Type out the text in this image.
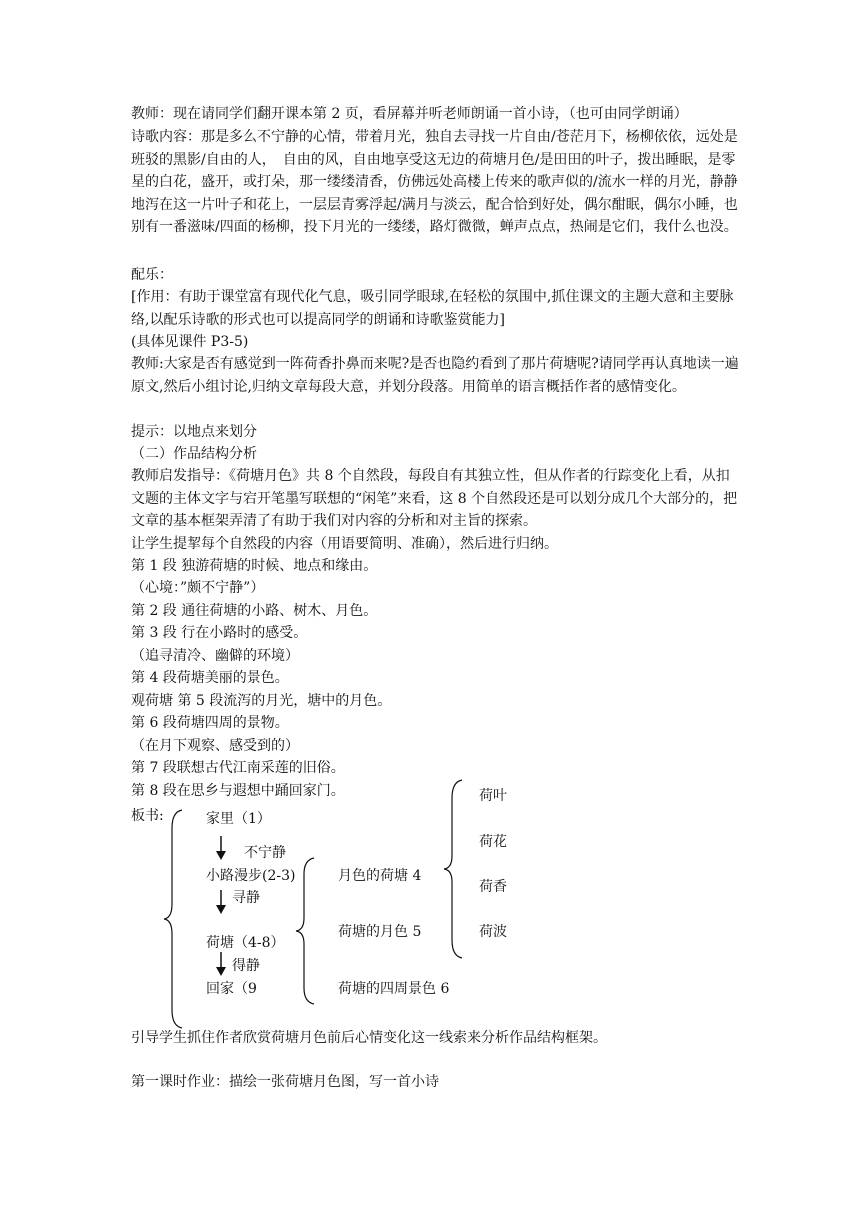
教师：现在请同学们翻开课本第 2 页，看屏幕并听老师朗诵一首小诗，（也可由同学朗诵）

诗歌内容：那是多么不宁静的心情，带着月光，独自去寻找一片自由/苍茫月下，杨柳依依，远处是班驳的黑影/自由的人，　自由的风，自由地享受这无边的荷塘月色/是田田的叶子，拨出睡眠，是零星的白花，盛开，或打朵，那一缕缕清香，仿佛远处高楼上传来的歌声似的/流水一样的月光，静静地泻在这一片叶子和花上，一层层青雾浮起/满月与淡云，配合恰到好处，偶尔酣眠，偶尔小睡，也别有一番滋味/四面的杨柳，投下月光的一缕缕，路灯微微，蝉声点点，热闹是它们，我什么也没。

配乐：

[作用：有助于课堂富有现代化气息，吸引同学眼球,在轻松的氛围中,抓住课文的主题大意和主要脉络,以配乐诗歌的形式也可以提高同学的朗诵和诗歌鉴赏能力]

(具体见课件 P3-5)

教师:大家是否有感觉到一阵荷香扑鼻而来呢?是否也隐约看到了那片荷塘呢?请同学再认真地读一遍原文,然后小组讨论,归纳文章每段大意，并划分段落。用简单的语言概括作者的感情变化。

提示：以地点来划分

（二）作品结构分析

教师启发指导：《荷塘月色》共 8 个自然段，每段自有其独立性，但从作者的行踪变化上看，从扣文题的主体文字与宕开笔墨写联想的“闲笔”来看，这 8 个自然段还是可以划分成几个大部分的，把文章的基本框架弄清了有助于我们对内容的分析和对主旨的探索。

让学生提挈每个自然段的内容（用语要简明、准确），然后进行归纳。

第 1 段 独游荷塘的时候、地点和缘由。

（心境：”颇不宁静”）

第 2 段 通往荷塘的小路、树木、月色。

第 3 段 行在小路时的感受。

（追寻清冷、幽僻的环境）

第 4 段荷塘美丽的景色。

观荷塘 第 5 段流泻的月光，塘中的月色。

第 6 段荷塘四周的景物。

（在月下观察、感受到的）

第 7 段联想古代江南采莲的旧俗。

第 8 段在思乡与遐想中踊回家门。

板书:	家里（1）
不宁静
小路漫步(2-3)
寻静
荷塘（4-8）
得静
回家（9
月色的荷塘 4
荷塘的月色 5
荷塘的四周景色 6
荷叶
荷花
荷香
荷波

引导学生抓住作者欣赏荷塘月色前后心情变化这一线索来分析作品结构框架。

第一课时作业：描绘一张荷塘月色图，写一首小诗
